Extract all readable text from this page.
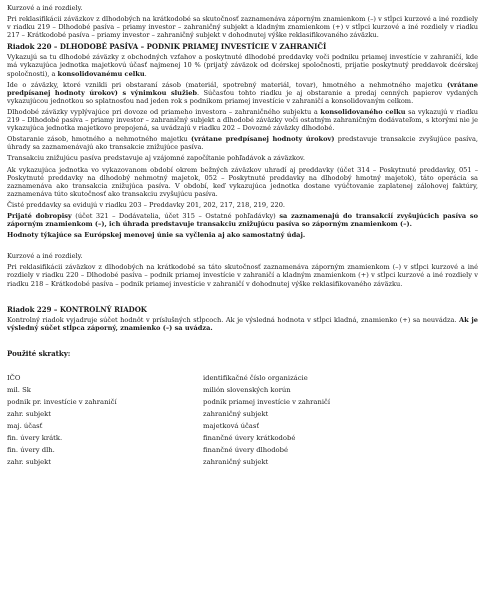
Kurzové a iné rozdiely.

Pri reklasifikácii záväzkov z dlhodobých na krátkodobé sa skutočnosť zaznamenáva záporným znamienkom (–) v stĺpci kurzové a iné rozdiely v riadku 219 – Dlhodobé pasíva – priamy investor – zahraničný subjekt a kladným znamienkom (+) v stĺpci kurzové a iné rozdiely v riadku 217 – Krátkodobé pasíva – priamy investor – zahraničný subjekt v dohodnutej výške reklasifikovaného záväzku.

Riadok 220 – DLHODOBÉ PASÍVA – PODNIK PRIAMEJ INVESTÍCIE V ZAHRANIČÍ

Vykazujú sa tu dlhodobé záväzky z obchodných vzťahov a poskytnuté dlhodobé preddavky voči podniku priamej investície v zahraničí, kde má vykazujúca jednotka majetkovú účasť najmenej 10 % (prijatý záväzok od dcérskej spoločnosti, prijatie poskytnutý preddavok dcérskej spoločnosti), a konsolidovanému celku.

Ide o záväzky, ktoré vznikli pri obstaraní zásob (materiál, spotrebný materiál, tovar), hmotného a nehmotného majetku (vrátane predpísanej hodnoty úrokov) s výnimkou služieb. Súčasťou tohto riadku je aj obstaranie a predaj cenných papierov vydaných vykazujúcou jednotkou so splatnosťou nad jeden rok s podnikom priamej investície v zahraničí a konsolidovaným celkom.

Dlhodobé záväzky vyplývajúce pri dovoze od priameho investora – zahraničného subjektu a konsolidovaného celku sa vykazujú v riadku 219 – Dlhodobé pasíva – priamy investor – zahraničný subjekt a dlhodobé záväzky voči ostatným zahraničným dodávateľom, s ktorými nie je vykazujúca jednotka majetkovo prepojená, sa uvádzajú v riadku 202 – Dovozné záväzky dlhodobé.

Obstaranie zásob, hmotného a nehmotného majetku (vrátane predpísanej hodnoty úrokov) predstavuje transakcie zvyšujúce pasíva, úhrady sa zaznamenávajú ako transakcie znižujúce pasíva.

Transakciu znižujúcu pasíva predstavuje aj vzájomné započítanie pohľadávok a záväzkov.

Ak vykazujúca jednotka vo vykazovanom období okrem bežných záväzkov uhradí aj preddavky (účet 314 – Poskytnuté preddavky, 051 – Poskytnuté preddavky na dlhodobý nehmotný majetok, 052 – Poskytnuté preddavky na dlhodobý hmotný majetok), táto operácia sa zaznamenáva ako transakcia znižujúca pasíva. V období, keď vykazujúca jednotka dostane vyúčtovanie zaplatenej zálohovej faktúry, zaznamenáva túto skutočnosť ako transakciu zvyšujúcu pasíva.

Čisté preddavky sa evidujú v riadku 203 – Preddavky 201, 202, 217, 218, 219, 220.

Prijaté dobropisy (účet 321 – Dodávatelia, účet 315 – Ostatné pohľadávky) sa zaznamenajú do transakcií zvyšujúcich pasíva so záporným znamienkom (–), ich úhrada predstavuje transakciu znižujúcu pasíva so záporným znamienkom (–).

Hodnoty týkajúce sa Európskej menovej únie sa vyčlenia aj ako samostatný údaj.

Kurzové a iné rozdiely.

Pri reklasifikácii záväzkov z dlhodobých na krátkodobé sa táto skutočnosť zaznamenáva záporným znamienkom (–) v stĺpci kurzové a iné rozdiely v riadku 220 – Dlhodobé pasíva – podnik priamej investície v zahraničí a kladným znamienkom (+) v stĺpci kurzové a iné rozdiely v riadku 218 – Krátkodobé pasíva – podnik priamej investície v zahraničí v dohodnutej výške reklasifikovaného záväzku.

Riadok 229 – KONTROLNÝ RIADOK

Kontrolný riadok vyjadruje súčet hodnôt v príslušných stĺpcoch. Ak je výsledná hodnota v stĺpci kladná, znamienko (+) sa neuvádza. Ak je výsledný súčet stĺpca záporný, znamienko (–) sa uvádza.

Použité skratky:
IČO	identifikačné číslo organizácie
mil. Sk	milión slovenských korún
podnik pr. investície v zahraničí	podnik priamej investície v zahraničí
zahr. subjekt	zahraničný subjekt
maj. účasť	majetková účasť
fin. úvery krátk.	finančné úvery krátkodobé
fin. úvery dlh.	finančné úvery dlhodobé
zahr. subjekt	zahraničný subjekt
